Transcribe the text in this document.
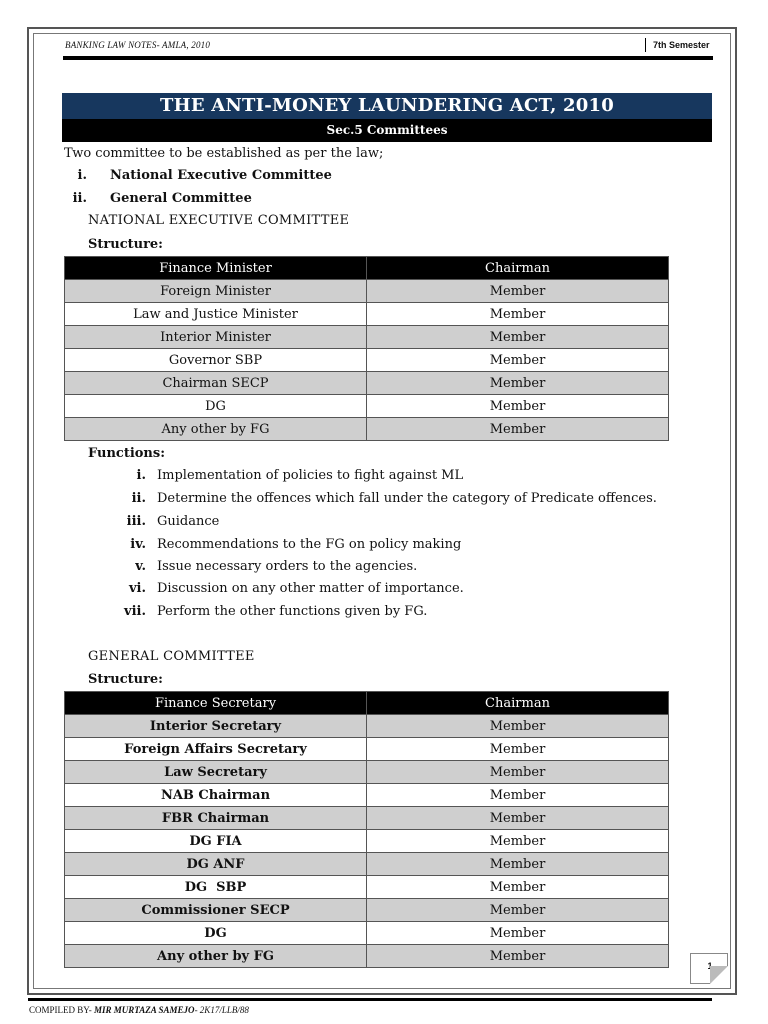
BANKING LAW NOTES- AMLA, 2010	7th Semester
THE ANTI-MONEY LAUNDERING ACT, 2010
Sec.5 Committees
Two committee to be established as per the law;
i. National Executive Committee
ii. General Committee
NATIONAL EXECUTIVE COMMITTEE
Structure:
Finance Minister	Chairman
Foreign Minister	Member
Law and Justice Minister	Member
Interior Minister	Member
Governor SBP	Member
Chairman SECP	Member
DG	Member
Any other by FG	Member
Functions:
i. Implementation of policies to fight against ML
ii. Determine the offences which fall under the category of Predicate offences.
iii. Guidance
iv. Recommendations to the FG on policy making
v. Issue necessary orders to the agencies.
vi. Discussion on any other matter of importance.
vii. Perform the other functions given by FG.
GENERAL COMMITTEE
Structure:
Finance Secretary	Chairman
Interior Secretary	Member
Foreign Affairs Secretary	Member
Law Secretary	Member
NAB Chairman	Member
FBR Chairman	Member
DG FIA	Member
DG ANF	Member
DG  SBP	Member
Commissioner SECP	Member
DG	Member
Any other by FG	Member
1
COMPILED BY- MIR MURTAZA SAMEJO- 2K17/LLB/88
